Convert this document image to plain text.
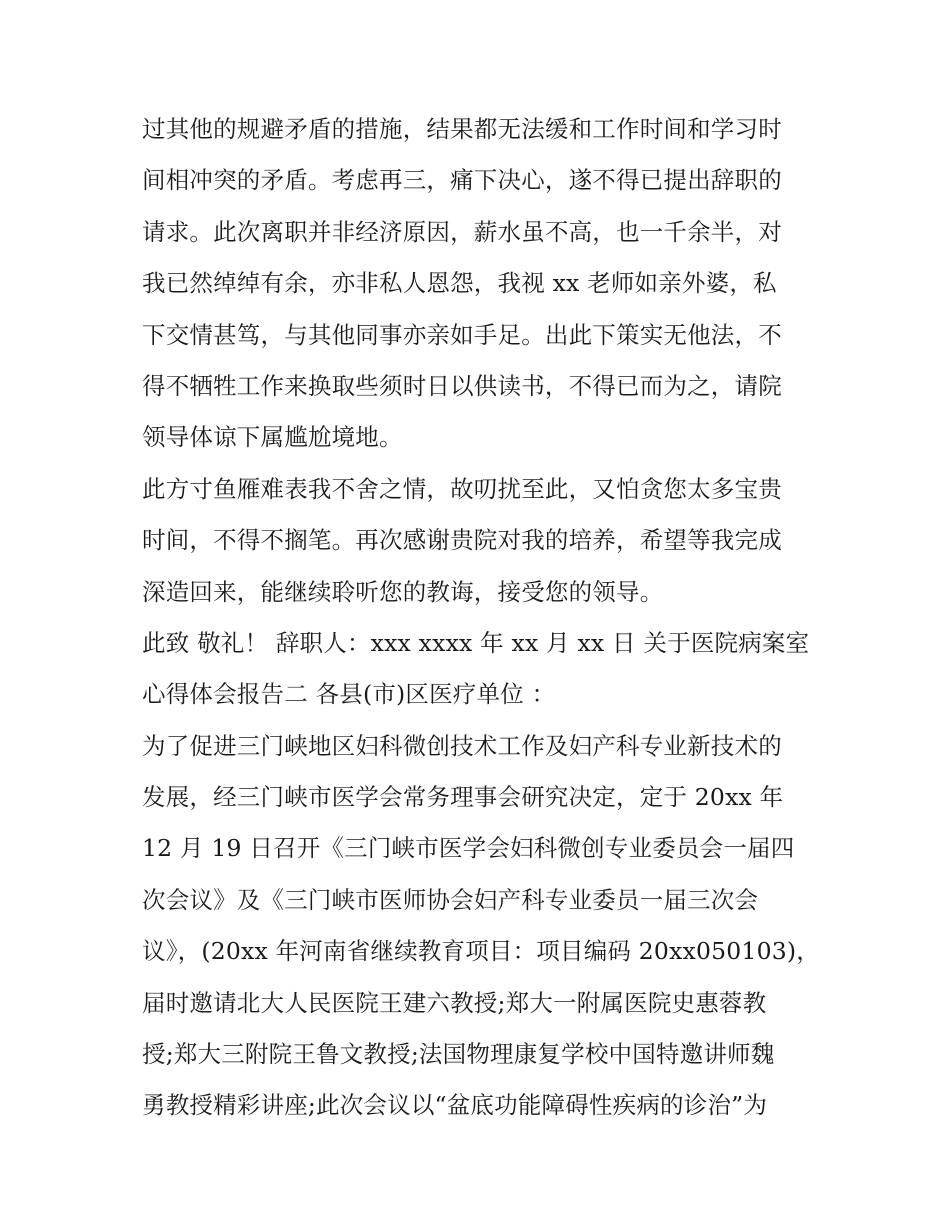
过其他的规避矛盾的措施，结果都无法缓和工作时间和学习时
间相冲突的矛盾。考虑再三，痛下决心，遂不得已提出辞职的
请求。此次离职并非经济原因，薪水虽不高，也一千余半，对
我已然绰绰有余，亦非私人恩怨，我视 xx 老师如亲外婆，私
下交情甚笃，与其他同事亦亲如手足。出此下策实无他法，不
得不牺牲工作来换取些须时日以供读书，不得已而为之，请院
领导体谅下属尴尬境地。
此方寸鱼雁难表我不舍之情，故叨扰至此，又怕贪您太多宝贵
时间，不得不搁笔。再次感谢贵院对我的培养，希望等我完成
深造回来，能继续聆听您的教诲，接受您的领导。
此致 敬礼！ 辞职人：xxx xxxx 年 xx 月 xx 日 关于医院病案室
心得体会报告二 各县(市)区医疗单位 ：
为了促进三门峡地区妇科微创技术工作及妇产科专业新技术的
发展，经三门峡市医学会常务理事会研究决定，定于 20xx 年
12 月 19 日召开《三门峡市医学会妇科微创专业委员会一届四
次会议》及《三门峡市医师协会妇产科专业委员一届三次会
议》，(20xx 年河南省继续教育项目：项目编码 20xx050103)，
届时邀请北大人民医院王建六教授;郑大一附属医院史惠蓉教
授;郑大三附院王鲁文教授;法国物理康复学校中国特邀讲师魏
勇教授精彩讲座;此次会议以“盆底功能障碍性疾病的诊治”为
